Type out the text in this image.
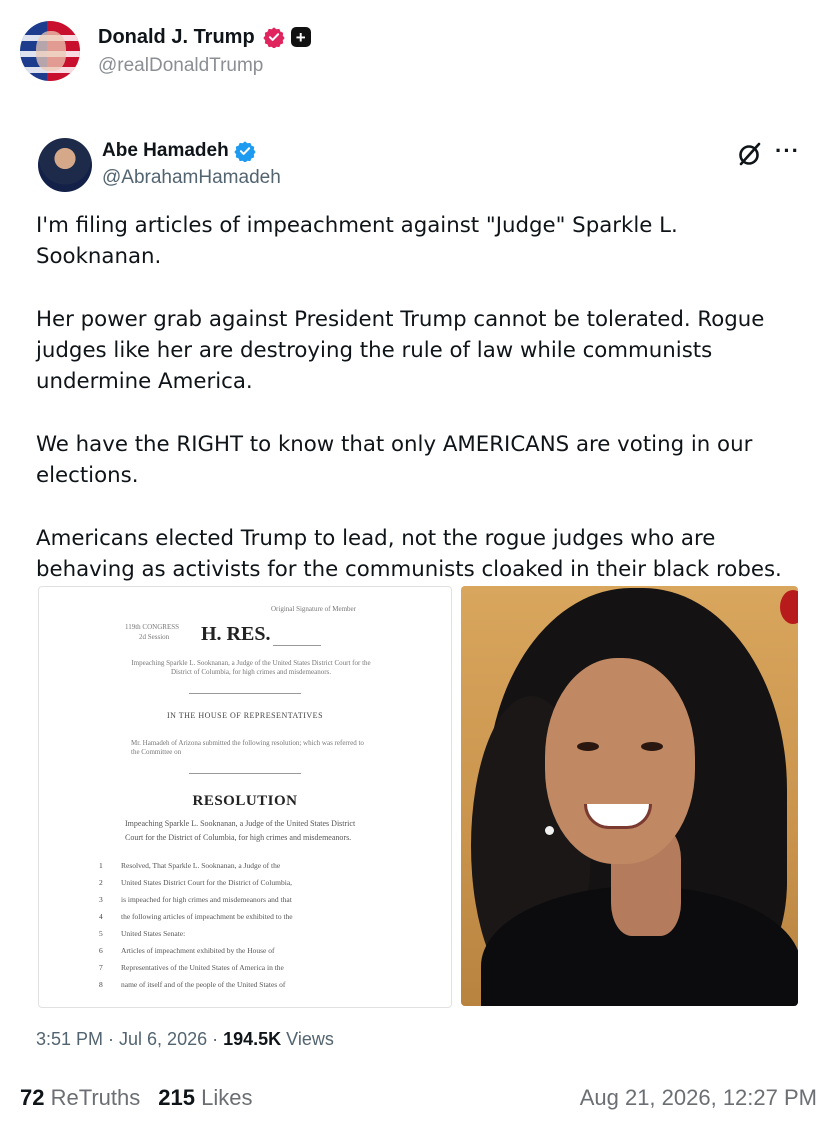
Donald J. Trump +
@realDonaldTrump
Abe Hamadeh
@AbrahamHamadeh
···

I'm filing articles of impeachment against "Judge" Sparkle L. Sooknanan.

Her power grab against President Trump cannot be tolerated. Rogue judges like her are destroying the rule of law while communists undermine America.

We have the RIGHT to know that only AMERICANS are voting in our elections.

Americans elected Trump to lead, not the rogue judges who are behaving as activists for the communists cloaked in their black robes.

Original Signature of Member
119th CONGRESS
2d Session H. RES.
Impeaching Sparkle L. Sooknanan, a Judge of the United States District Court for the District of Columbia, for high crimes and misdemeanors.
IN THE HOUSE OF REPRESENTATIVES
Mr. Hamadeh of Arizona submitted the following resolution; which was referred to the Committee on
RESOLUTION
Impeaching Sparkle L. Sooknanan, a Judge of the United States District Court for the District of Columbia, for high crimes and misdemeanors.
1	Resolved, That Sparkle L. Sooknanan, a Judge of the
2	United States District Court for the District of Columbia,
3	is impeached for high crimes and misdemeanors and that
4	the following articles of impeachment be exhibited to the
5	United States Senate:
6	Articles of impeachment exhibited by the House of
7	Representatives of the United States of America in the
8	name of itself and of the people of the United States of
3:51 PM · Jul 6, 2026 · 194.5K Views
72
ReTruths 215
Likes	Aug 21, 2026, 12:27 PM
